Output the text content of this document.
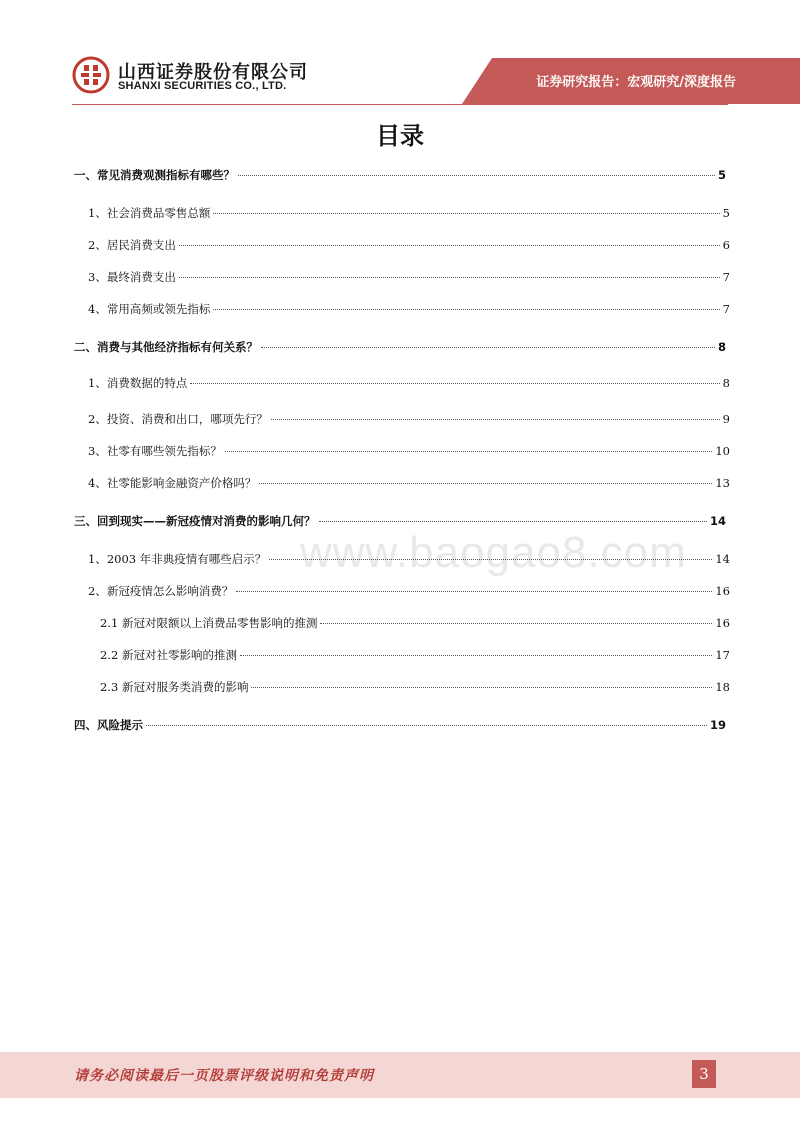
山西证券股份有限公司
SHANXI SECURITIES CO., LTD.	证券研究报告：宏观研究/深度报告
目录
www.baogao8.com
一、常见消费观测指标有哪些？	5
1、社会消费品零售总额	5
2、居民消费支出	6
3、最终消费支出	7
4、常用高频或领先指标	7
二、消费与其他经济指标有何关系？	8
1、消费数据的特点	8
2、投资、消费和出口，哪项先行？	9
3、社零有哪些领先指标？	10
4、社零能影响金融资产价格吗？	13
三、回到现实——新冠疫情对消费的影响几何？	14
1、2003 年非典疫情有哪些启示？	14
2、新冠疫情怎么影响消费？	16
2.1 新冠对限额以上消费品零售影响的推测	16
2.2 新冠对社零影响的推测	17
2.3 新冠对服务类消费的影响	18
四、风险提示	19
请务必阅读最后一页股票评级说明和免责声明	3
